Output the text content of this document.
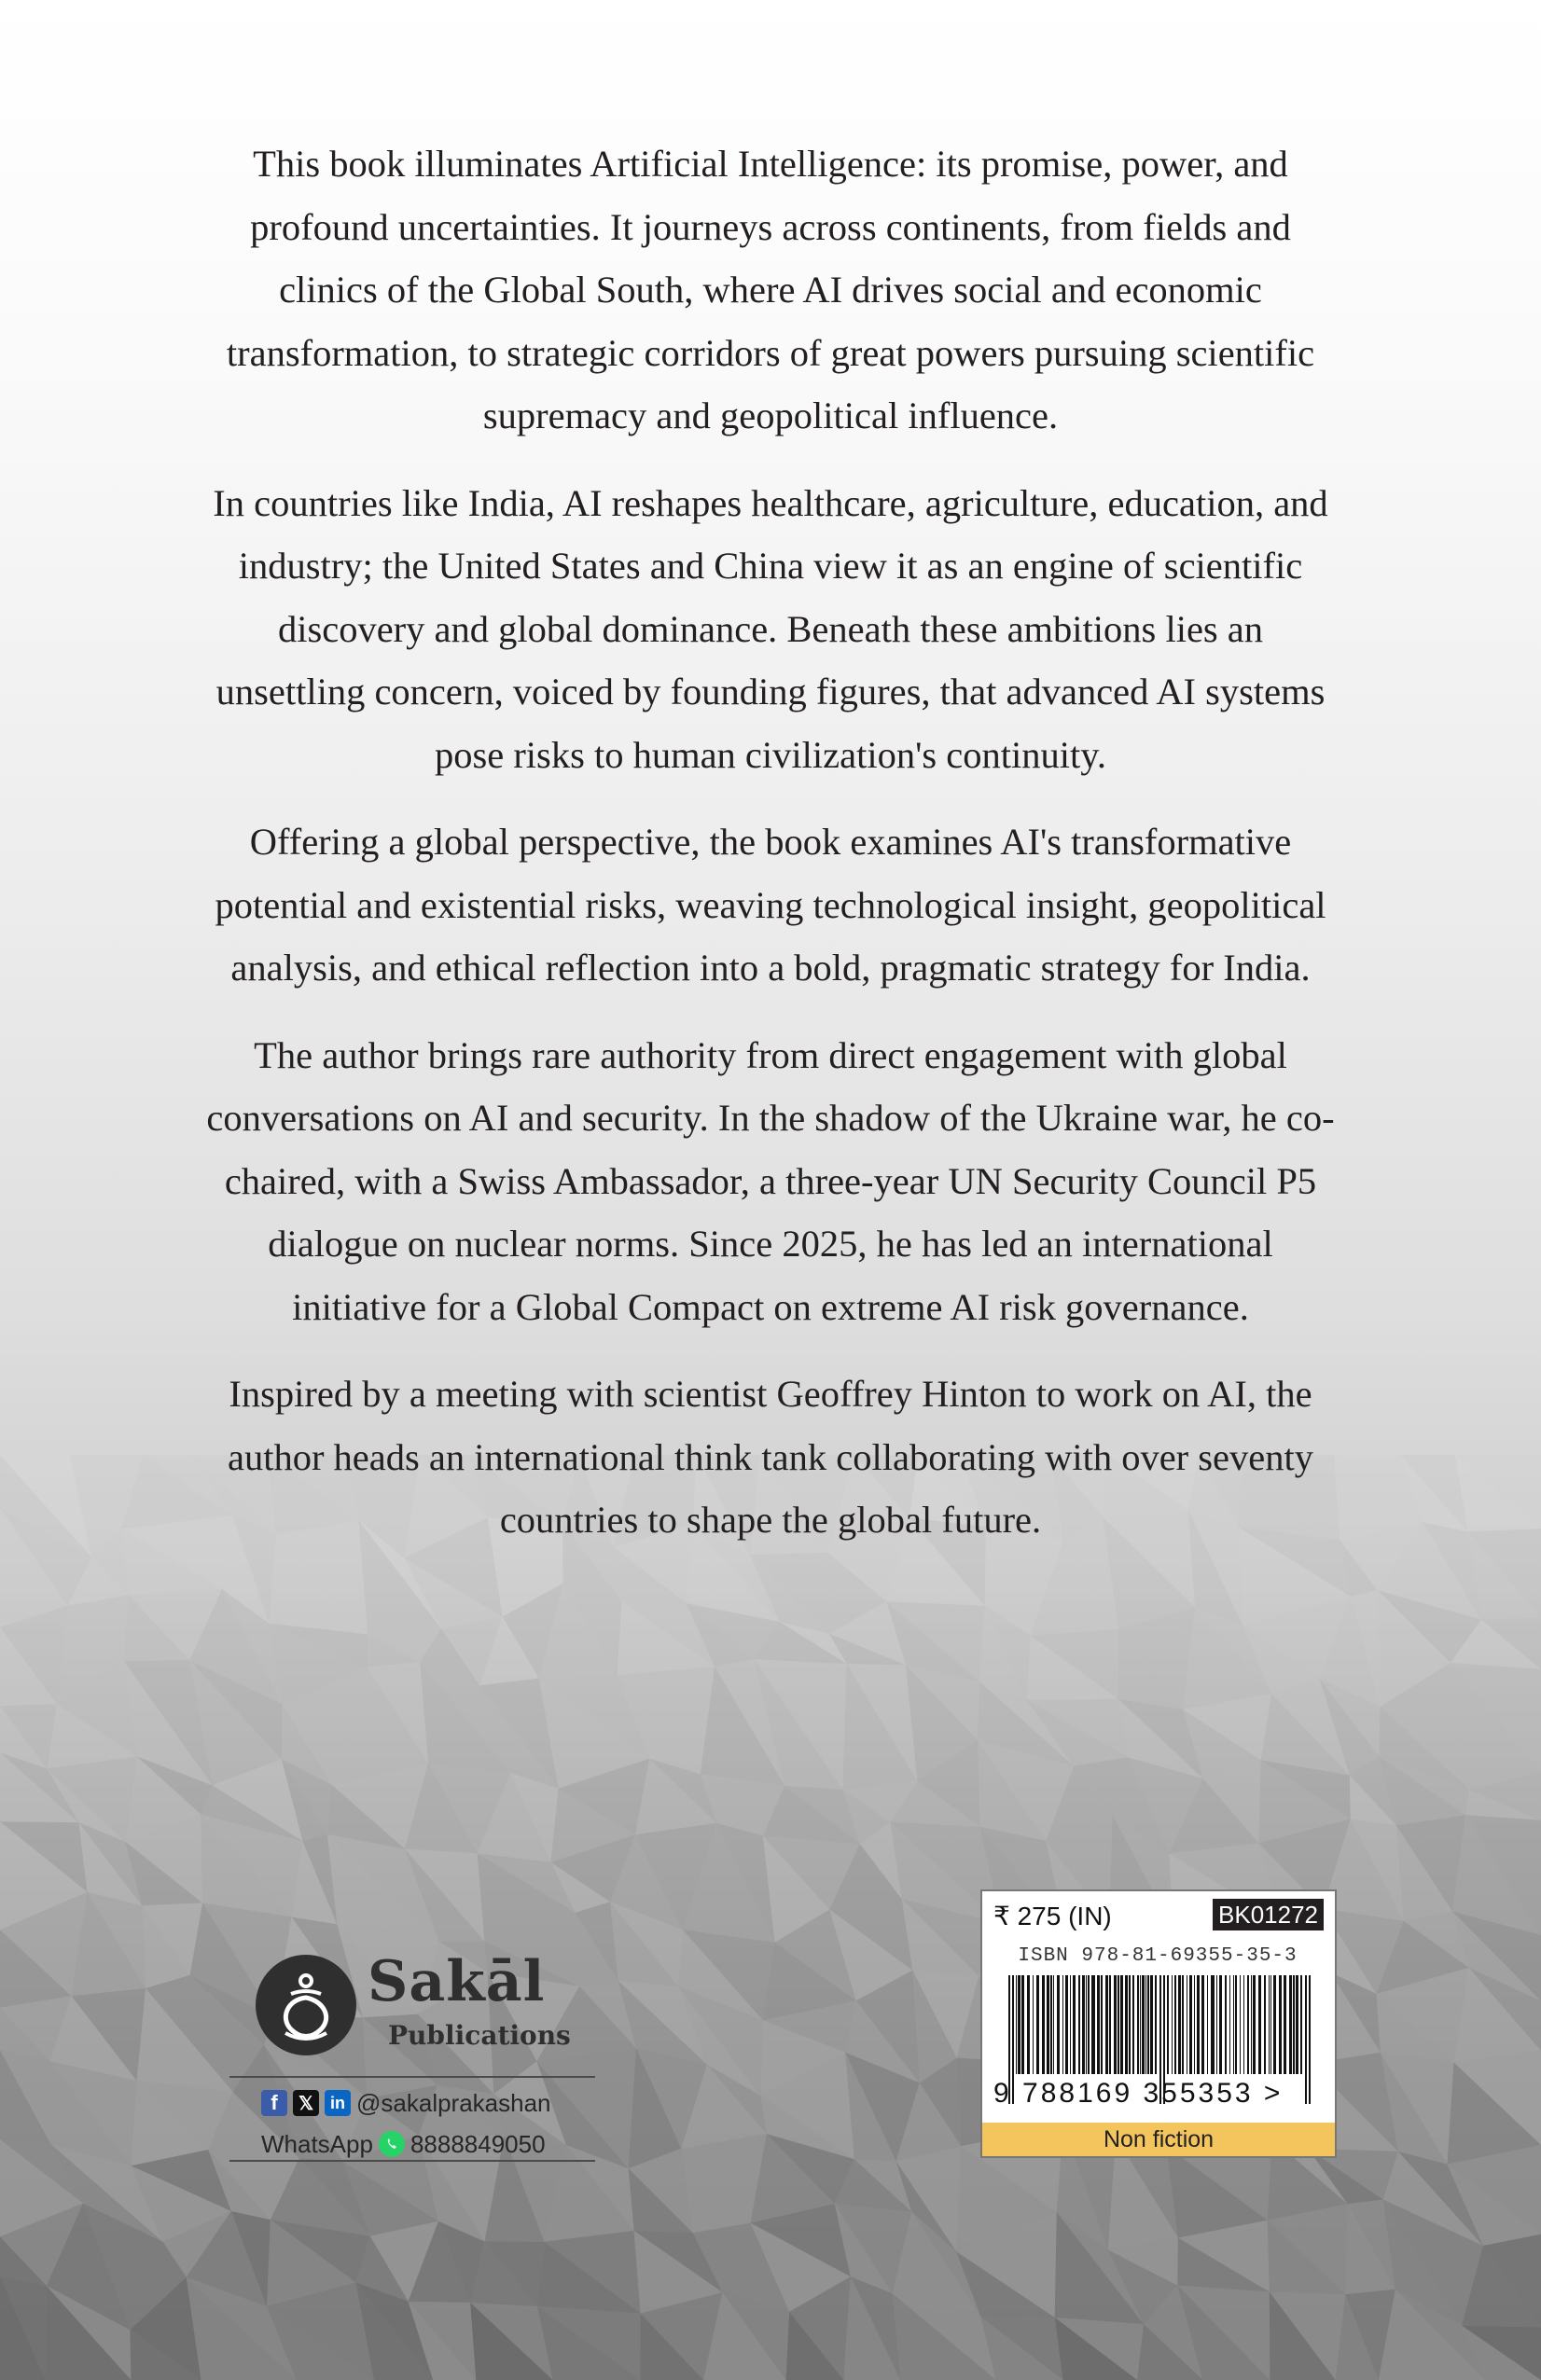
This book illuminates Artificial Intelligence: its promise, power, and
profound uncertainties. It journeys across continents, from fields and
clinics of the Global South, where AI drives social and economic
transformation, to strategic corridors of great powers pursuing scientific
supremacy and geopolitical influence.

In countries like India, AI reshapes healthcare, agriculture, education, and
industry; the United States and China view it as an engine of scientific
discovery and global dominance. Beneath these ambitions lies an
unsettling concern, voiced by founding figures, that advanced AI systems
pose risks to human civilization's continuity.

Offering a global perspective, the book examines AI's transformative
potential and existential risks, weaving technological insight, geopolitical
analysis, and ethical reflection into a bold, pragmatic strategy for India.

The author brings rare authority from direct engagement with global
conversations on AI and security. In the shadow of the Ukraine war, he co-
chaired, with a Swiss Ambassador, a three-year UN Security Council P5
dialogue on nuclear norms. Since 2025, he has led an international
initiative for a Global Compact on extreme AI risk governance.

Inspired by a meeting with scientist Geoffrey Hinton to work on AI, the
author heads an international think tank collaborating with over seventy
countries to shape the global future.

Sakāl
Publications
f	𝕏 in @sakalprakashan
WhatsApp 8888849050
₹ 275 (IN)	BK01272
ISBN 978-81-69355-35-3
9 788169 355353 >
Non fiction
